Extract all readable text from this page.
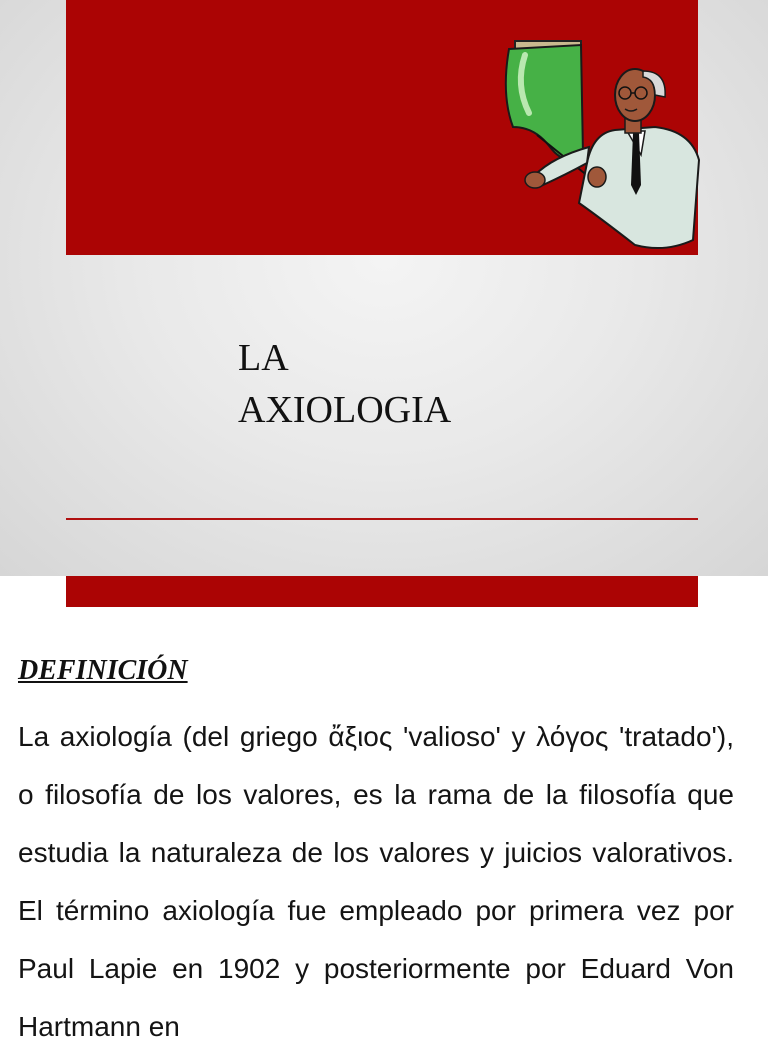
LA
AXIOLOGIA
DEFINICIÓN

La axiología (del griego ἄξιος 'valioso' y λόγος 'tratado'), o filosofía de los valores, es la rama de la filosofía que estudia la naturaleza de los valores y juicios valorativos. El término axiología fue empleado por primera vez por Paul Lapie en 1902 y posteriormente por Eduard Von Hartmann en
